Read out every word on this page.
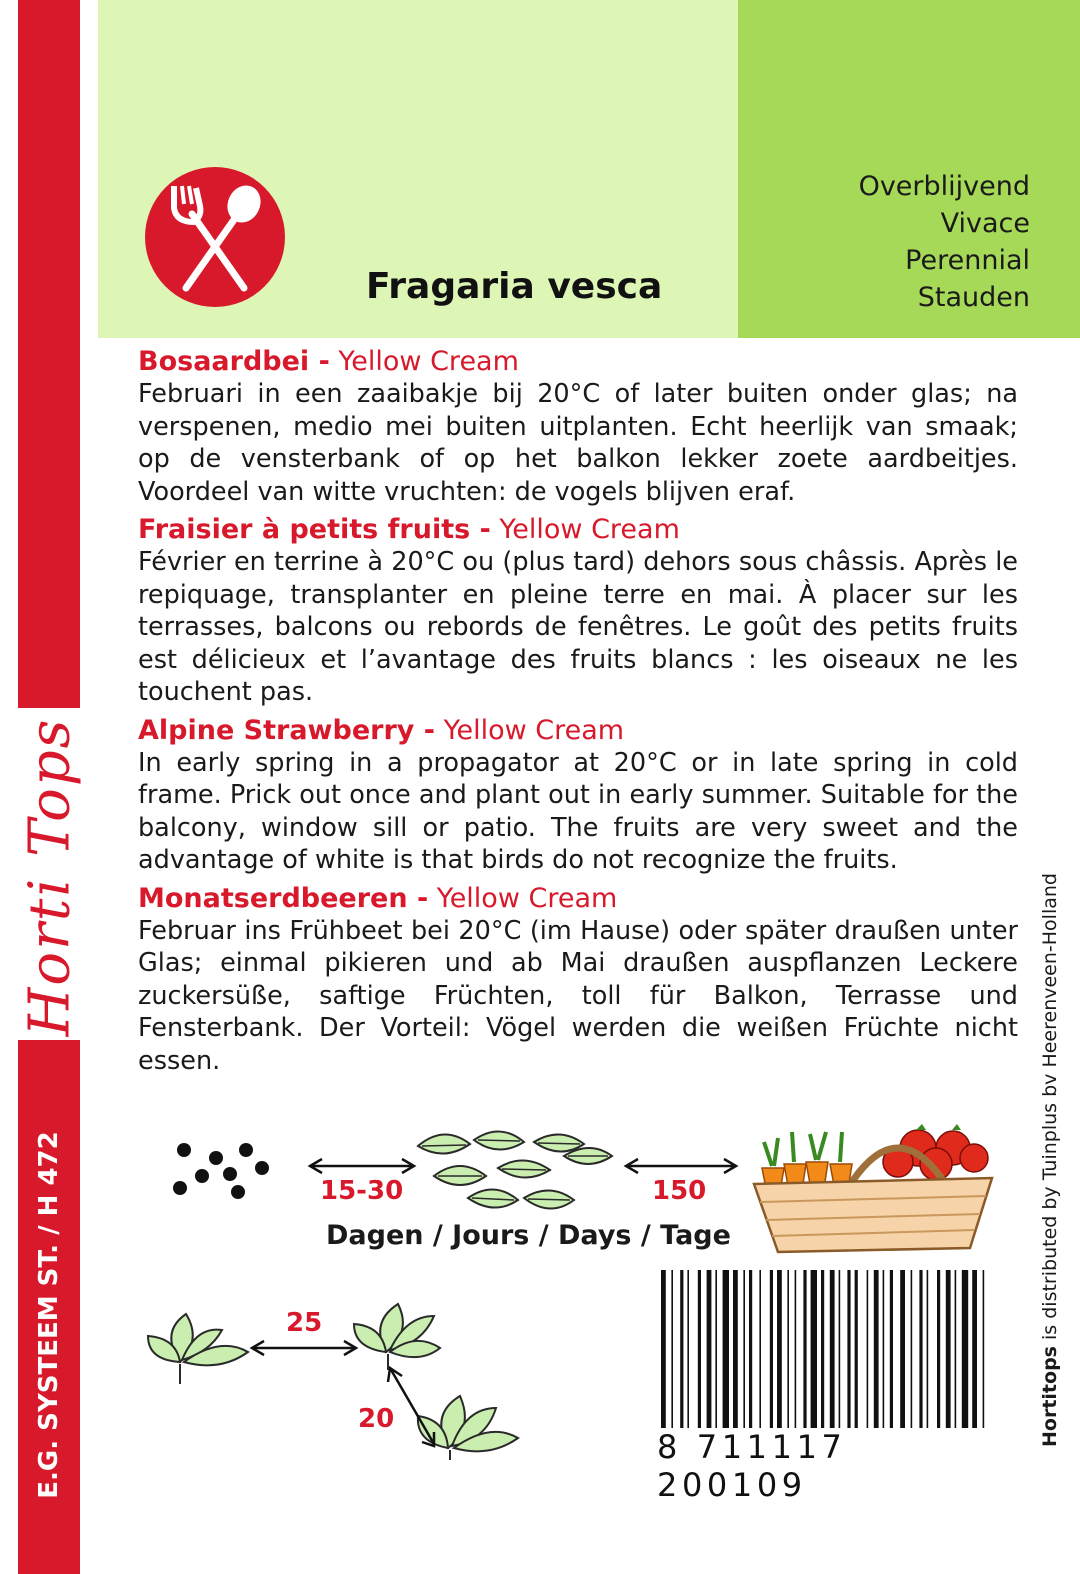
Horti Tops
E.G. SYSTEEM ST. / H 472
Fragaria vesca
Overblijvend
Vivace
Perennial
Stauden
Bosaardbei - Yellow Cream

Februari in een zaaibakje bij 20°C of later buiten onder glas; na verspenen, medio mei buiten uitplanten. Echt heerlijk van smaak; op de vensterbank of op het balkon lekker zoete aardbeitjes. Voordeel van witte vruchten: de vogels blijven eraf.

Fraisier à petits fruits - Yellow Cream

Février en terrine à 20°C ou (plus tard) dehors sous châssis. Après le repiquage, transplanter en pleine terre en mai. À placer sur les terrasses, balcons ou rebords de fenêtres. Le goût des petits fruits est délicieux et l’avantage des fruits blancs : les oiseaux ne les touchent pas.

Alpine Strawberry - Yellow Cream

In early spring in a propagator at 20°C or in late spring in cold frame. Prick out once and plant out in early summer. Suitable for the balcony, window sill or patio. The fruits are very sweet and the advantage of white is that birds do not recognize the fruits.

Monatserdbeeren - Yellow Cream

Februar ins Frühbeet bei 20°C (im Hause) oder später draußen unter Glas; einmal pikieren und ab Mai draußen auspflanzen Leckere zuckersüße, saftige Früchten, toll für Balkon, Terrasse und Fensterbank. Der Vorteil: Vögel werden die weißen Früchte nicht essen.

15-30	150
Dagen / Jours / Days / Tage
25
20
8 711117 200109
Hortitops is distributed by Tuinplus bv Heerenveen-Holland
